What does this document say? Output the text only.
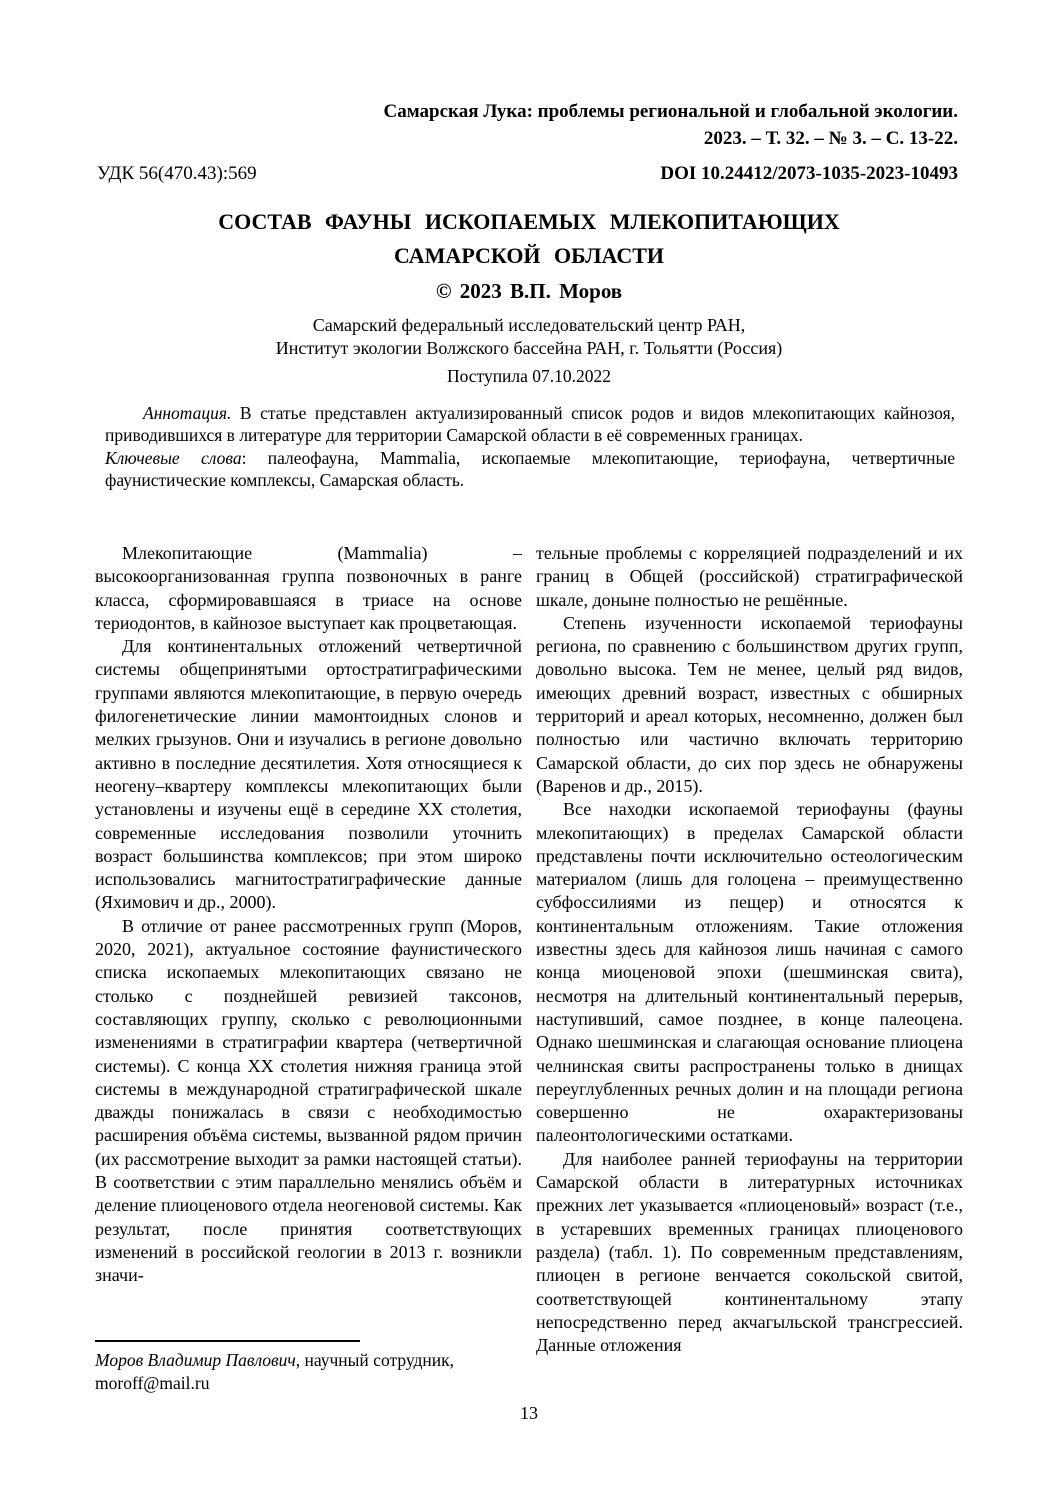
Самарская Лука: проблемы региональной и глобальной экологии.
2023. – Т. 32. – № 3. – С. 13-22.
УДК 56(470.43):569	DOI 10.24412/2073-1035-2023-10493
СОСТАВ ФАУНЫ ИСКОПАЕМЫХ МЛЕКОПИТАЮЩИХ
САМАРСКОЙ ОБЛАСТИ
© 2023 В.П. Моров
Самарский федеральный исследовательский центр РАН,
Институт экологии Волжского бассейна РАН, г. Тольятти (Россия)
Поступила 07.10.2022

Аннотация. В статье представлен актуализированный список родов и видов млекопитающих кайнозоя, приводившихся в литературе для территории Самарской области в её современных границах.

Ключевые слова: палеофауна, Mammalia, ископаемые млекопитающие, териофауна, четвертичные фаунистические комплексы, Самарская область.

Млекопитающие (Mammalia) – высокоорганизованная группа позвоночных в ранге класса, сформировавшаяся в триасе на основе териодонтов, в кайнозое выступает как процветающая.

Для континентальных отложений четвертичной системы общепринятыми ортостратиграфическими группами являются млекопитающие, в первую очередь филогенетические линии мамонтоидных слонов и мелких грызунов. Они и изучались в регионе довольно активно в последние десятилетия. Хотя относящиеся к неогену–квартеру комплексы млекопитающих были установлены и изучены ещё в середине XX столетия, современные исследования позволили уточнить возраст большинства комплексов; при этом широко использовались магнитостратиграфические данные (Яхимович и др., 2000).

В отличие от ранее рассмотренных групп (Моров, 2020, 2021), актуальное состояние фаунистического списка ископаемых млекопитающих связано не столько с позднейшей ревизией таксонов, составляющих группу, сколько с революционными изменениями в стратиграфии квартера (четвертичной системы). С конца XX столетия нижняя граница этой системы в международной стратиграфической шкале дважды понижалась в связи с необходимостью расширения объёма системы, вызванной рядом причин (их рассмотрение выходит за рамки настоящей статьи). В соответствии с этим параллельно менялись объём и деление плиоценового отдела неогеновой системы. Как результат, после принятия соответствующих изменений в российской геологии в 2013 г. возникли значи-

тельные проблемы с корреляцией подразделений и их границ в Общей (российской) стратиграфической шкале, доныне полностью не решённые.

Степень изученности ископаемой териофауны региона, по сравнению с большинством других групп, довольно высока. Тем не менее, целый ряд видов, имеющих древний возраст, известных с обширных территорий и ареал которых, несомненно, должен был полностью или частично включать территорию Самарской области, до сих пор здесь не обнаружены (Варенов и др., 2015).

Все находки ископаемой териофауны (фауны млекопитающих) в пределах Самарской области представлены почти исключительно остеологическим материалом (лишь для голоцена – преимущественно субфоссилиями из пещер) и относятся к континентальным отложениям. Такие отложения известны здесь для кайнозоя лишь начиная с самого конца миоценовой эпохи (шешминская свита), несмотря на длительный континентальный перерыв, наступивший, самое позднее, в конце палеоцена. Однако шешминская и слагающая основание плиоцена челнинская свиты распространены только в днищах переуглубленных речных долин и на площади региона совершенно не охарактеризованы палеонтологическими остатками.

Для наиболее ранней териофауны на территории Самарской области в литературных источниках прежних лет указывается «плиоценовый» возраст (т.е., в устаревших временных границах плиоценового раздела) (табл. 1). По современным представлениям, плиоцен в регионе венчается сокольской свитой, соответствующей континентальному этапу непосредственно перед акчагыльской трансгрессией. Данные отложения

Моров Владимир Павлович, научный сотрудник,

moroff@mail.ru

13
